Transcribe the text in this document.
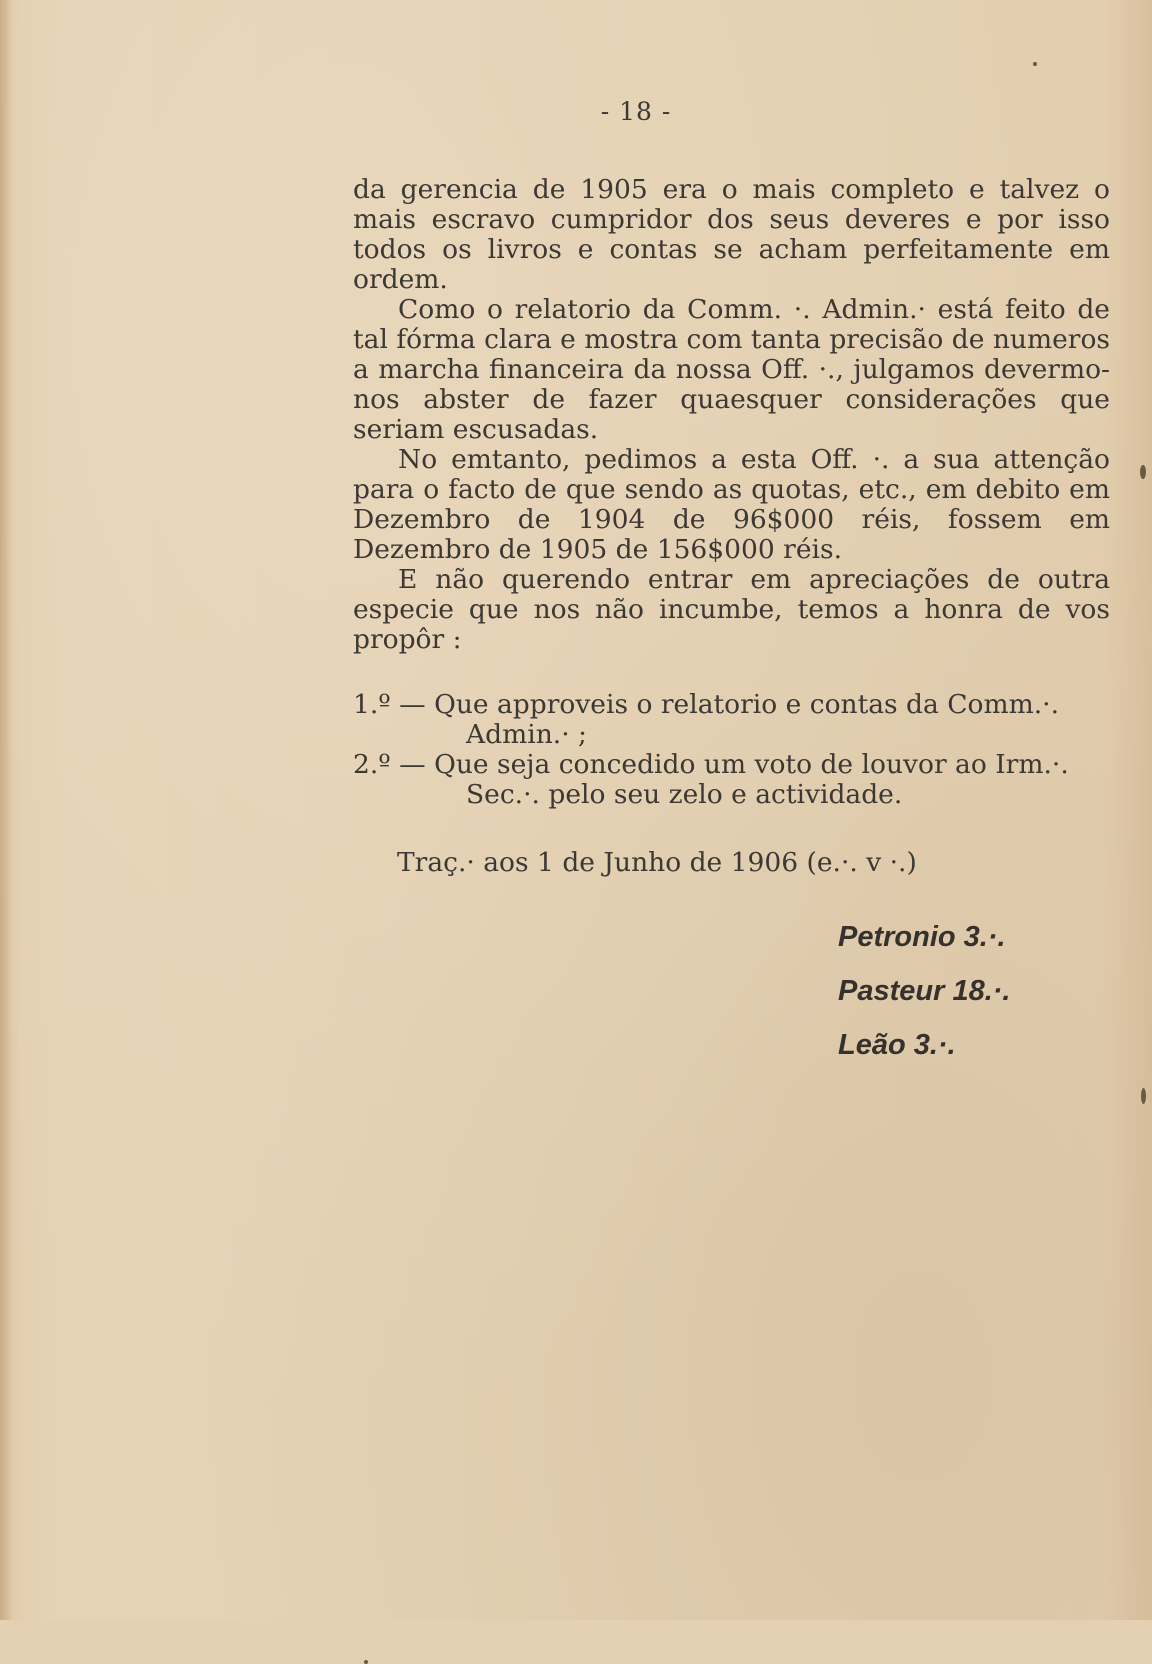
- 18 -

da gerencia de 1905 era o mais completo e talvez o mais escravo cumpridor dos seus deveres e por isso todos os livros e contas se acham perfeitamente em ordem.

Como o relatorio da Comm. ·. Admin.· está feito de tal fórma clara e mostra com tanta precisão de numeros a marcha financeira da nossa Off. ·., julgamos devermo-nos abster de fazer quaesquer considerações que seriam escusadas.

No emtanto, pedimos a esta Off. ·. a sua attenção para o facto de que sendo as quotas, etc., em debito em Dezembro de 1904 de 96$000 réis, fossem em Dezembro de 1905 de 156$000 réis.

E não querendo entrar em apreciações de outra especie que nos não incumbe, temos a honra de vos propôr :

1.º — Que approveis o relatorio e contas da Comm.·.
Admin.· ;
2.º — Que seja concedido um voto de louvor ao Irm.·.
Sec.·. pelo seu zelo e actividade.
Traç.· aos 1 de Junho de 1906 (e.·. v ·.)
Petronio 3.·.
Pasteur 18.·.
Leão 3.·.
